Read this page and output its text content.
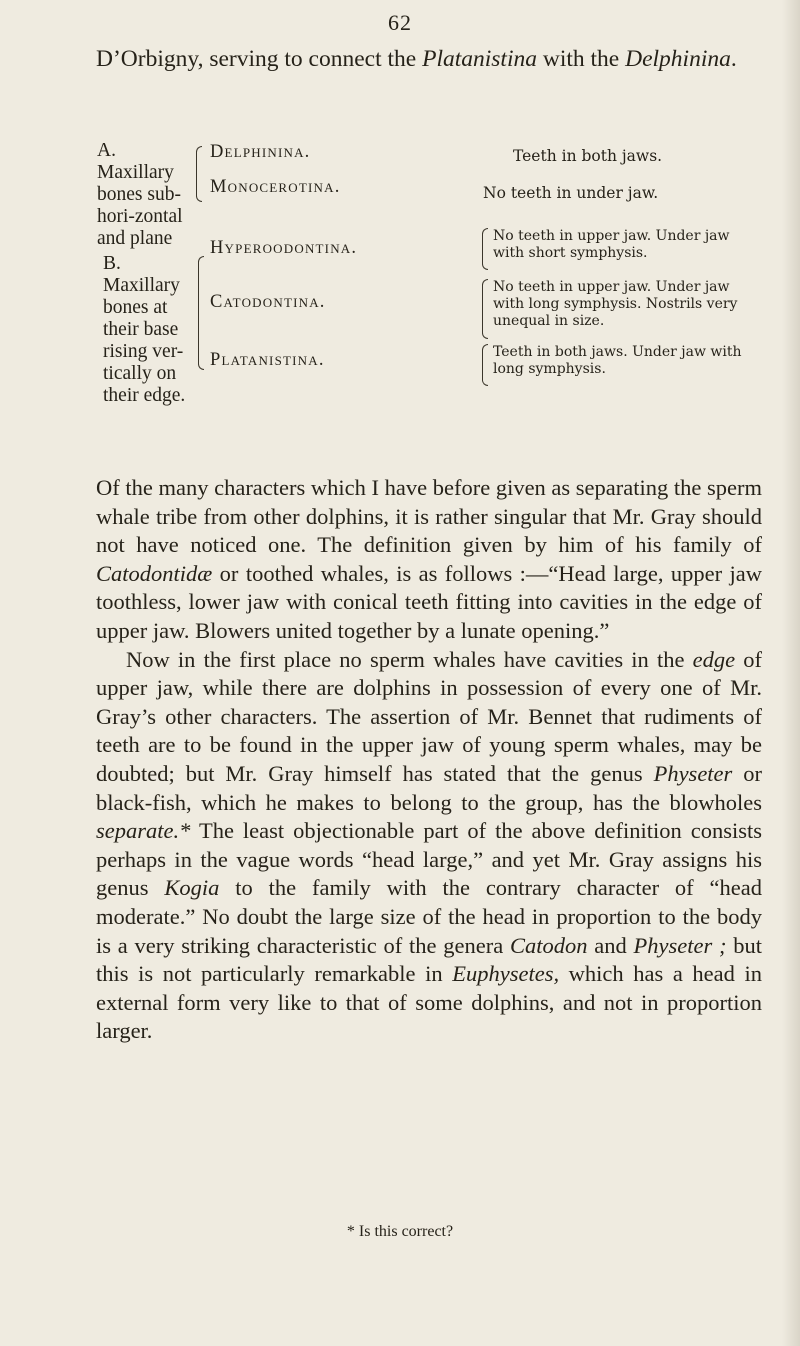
62

D’Orbigny, serving to connect the Platanistina with the Delphinina.

A. Maxillary bones sub-hori-zontal and plane
B. Maxillary bones at their base rising ver-tically on their edge.
Delphinina.
Monocerotina.
Hyperoodontina.
Catodontina.
Platanistina.
Teeth in both jaws.
No teeth in under jaw.
No teeth in upper jaw. Under jaw with short symphysis.
No teeth in upper jaw. Under jaw with long symphysis. Nostrils very unequal in size.
Teeth in both jaws. Under jaw with long symphysis.

Of the many characters which I have before given as separating the sperm whale tribe from other dolphins, it is rather singular that Mr. Gray should not have noticed one. The definition given by him of his family of Catodontidæ or toothed whales, is as follows :—“Head large, upper jaw toothless, lower jaw with conical teeth fitting into cavities in the edge of upper jaw. Blowers united together by a lunate opening.”

Now in the first place no sperm whales have cavities in the edge of upper jaw, while there are dolphins in possession of every one of Mr. Gray’s other characters. The assertion of Mr. Bennet that rudiments of teeth are to be found in the upper jaw of young sperm whales, may be doubted; but Mr. Gray himself has stated that the genus Physeter or black-fish, which he makes to belong to the group, has the blowholes separate.* The least objectionable part of the above definition consists perhaps in the vague words “head large,” and yet Mr. Gray assigns his genus Kogia to the family with the contrary character of “head moderate.” No doubt the large size of the head in proportion to the body is a very striking characteristic of the genera Catodon and Physeter ; but this is not particularly remarkable in Euphysetes, which has a head in external form very like to that of some dolphins, and not in proportion larger.

* Is this correct?
